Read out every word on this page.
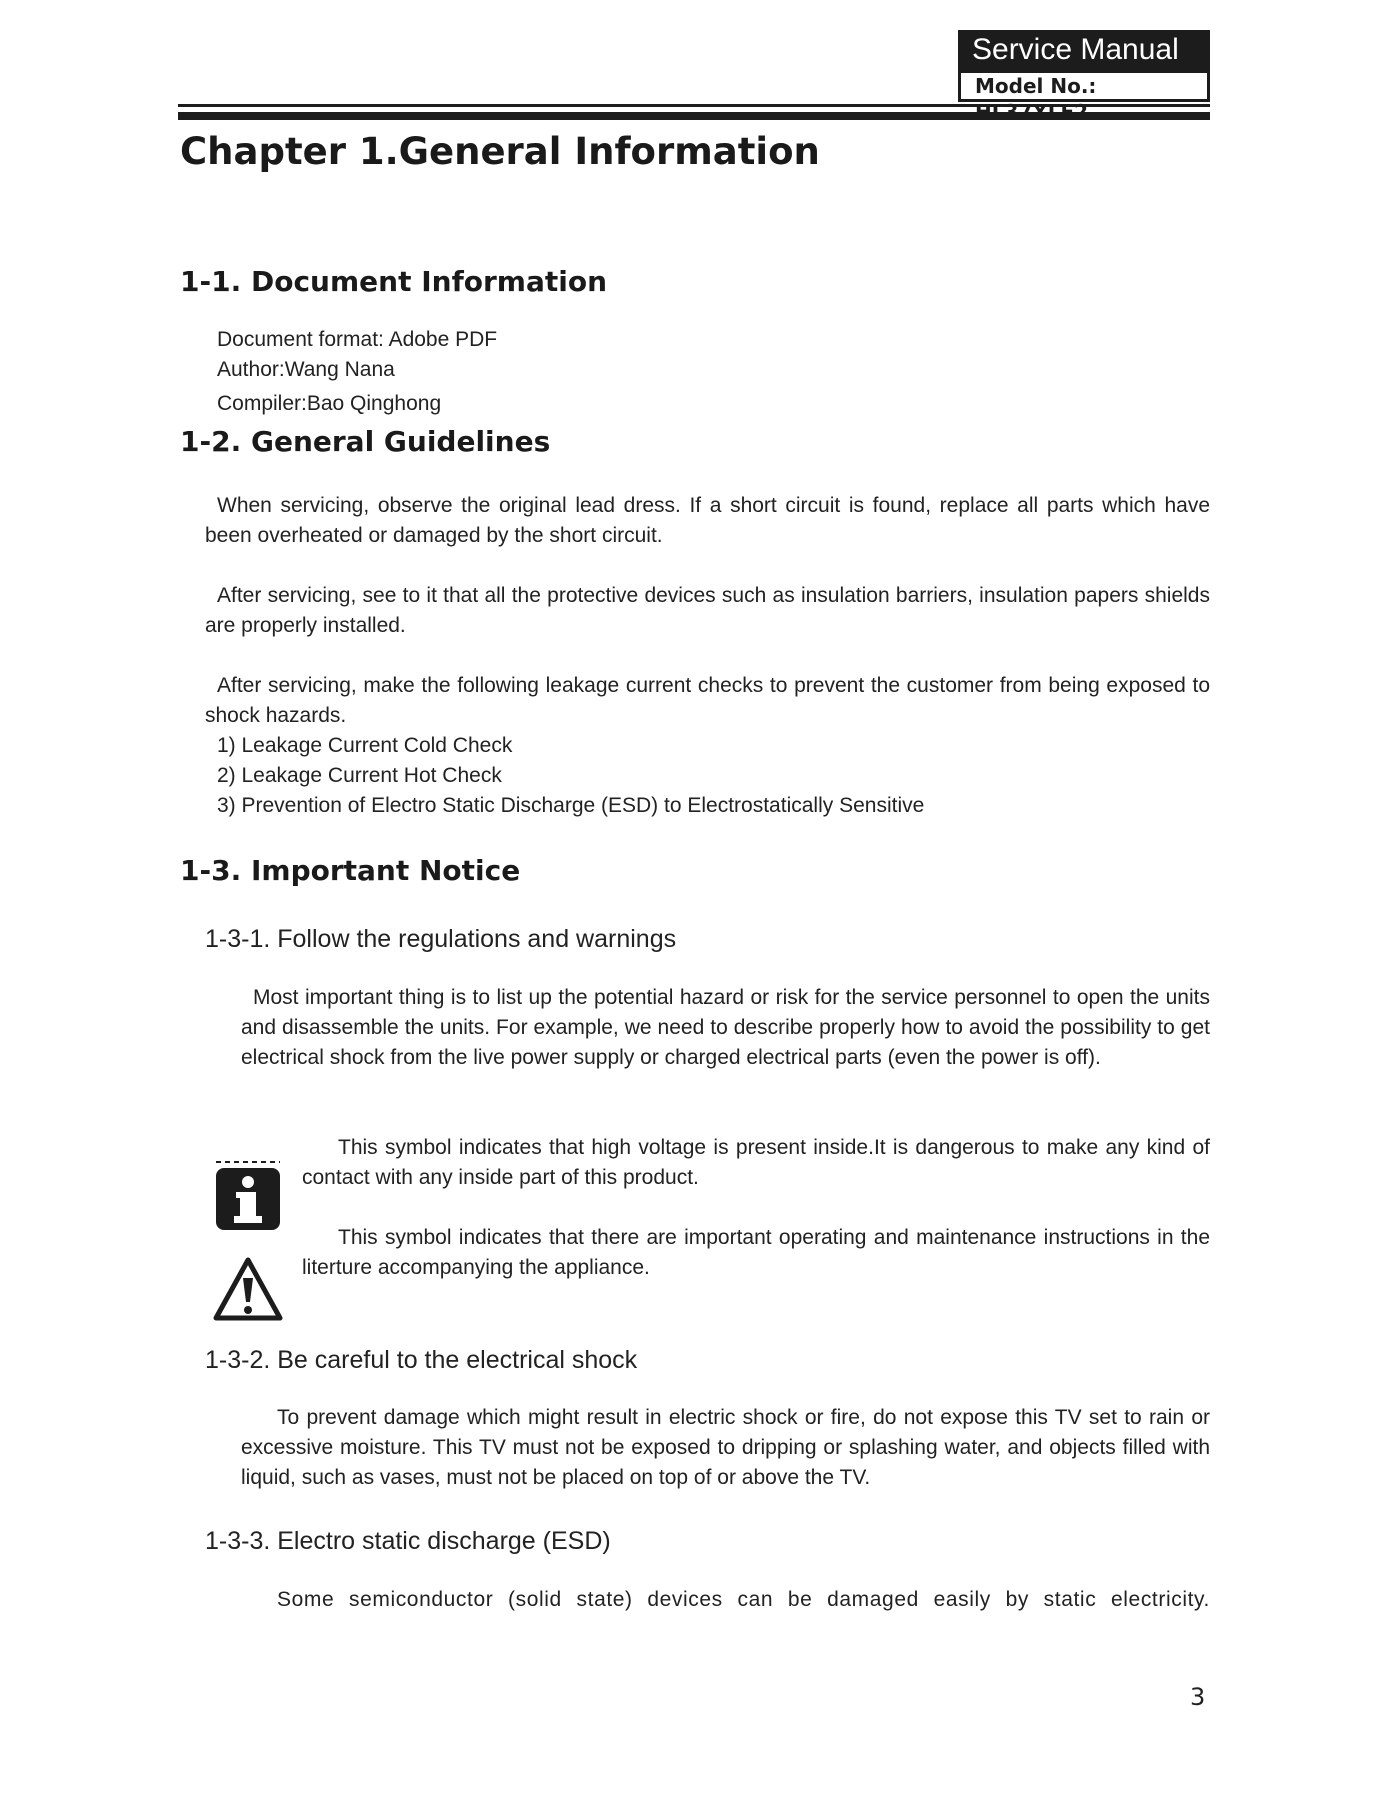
Service Manual
Model No.:
Chapter 1.General Information
1-1. Document Information
Document format: Adobe PDF
Author:Wang Nana
Compiler:Bao Qinghong
1-2. General Guidelines
When servicing, observe the original lead dress. If a short circuit is found, replace all parts which have been overheated or damaged by the short circuit.
After servicing, see to it that all the protective devices such as insulation barriers, insulation papers shields are properly installed.
After servicing, make the following leakage current checks to prevent the customer from being exposed to shock hazards.
1) Leakage Current Cold Check
2) Leakage Current Hot Check
3) Prevention of Electro Static Discharge (ESD) to Electrostatically Sensitive
1-3. Important Notice
1-3-1. Follow the regulations and warnings
Most important thing is to list up the potential hazard or risk for the service personnel to open the units and disassemble the units. For example, we need to describe properly how to avoid the possibility to get electrical shock from the live power supply or charged electrical parts (even the power is off).
This symbol indicates that high voltage is present inside.It is dangerous to make any kind of contact with any inside part of this product.
This symbol indicates that there are important operating and maintenance instructions in the literture accompanying the appliance.
1-3-2. Be careful to the electrical shock
To prevent damage which might result in electric shock or fire, do not expose this TV set to rain or excessive moisture. This TV must not be exposed to dripping or splashing water, and objects filled with liquid, such as vases, must not be placed on top of or above the TV.
1-3-3. Electro static discharge (ESD)
Some semiconductor (solid state) devices can be damaged easily by static electricity.
3
